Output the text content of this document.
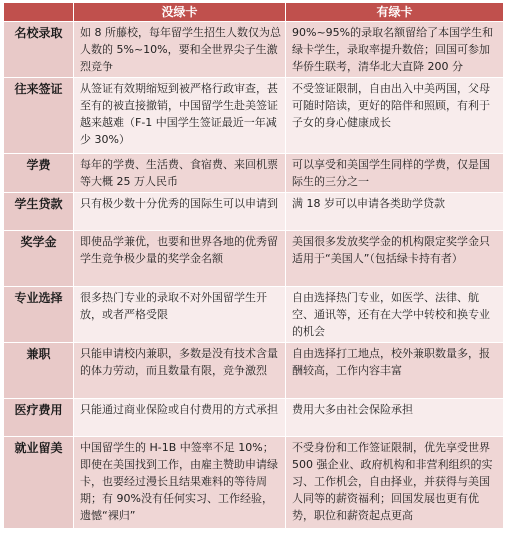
	没绿卡	有绿卡
名校录取	如 8 所藤校，每年留学生招生人数仅为总人数的 5%~10%，要和全世界尖子生激烈竞争	90%~95%的录取名额留给了本国学生和绿卡学生，录取率提升数倍；回国可参加华侨生联考，清华北大直降 200 分
往来签证	从签证有效期缩短到被严格行政审查，甚至有的被直接撤销，中国留学生赴美签证越来越难（F-1 中国学生签证最近一年减少 30%）	不受签证限制，自由出入中美两国，父母可随时陪读，更好的陪伴和照顾，有利于子女的身心健康成长
学费	每年的学费、生活费、食宿费、来回机票等大概 25 万人民币	可以享受和美国学生同样的学费，仅是国际生的三分之一
学生贷款	只有极少数十分优秀的国际生可以申请到	满 18 岁可以申请各类助学贷款
奖学金	即使品学兼优，也要和世界各地的优秀留学生竞争极少量的奖学金名额	美国很多发放奖学金的机构限定奖学金只适用于“美国人”（包括绿卡持有者）
专业选择	很多热门专业的录取不对外国留学生开放，或者严格受限	自由选择热门专业，如医学、法律、航空、通讯等，还有在大学中转校和换专业的机会
兼职	只能申请校内兼职，多数是没有技术含量的体力劳动，而且数量有限，竞争激烈	自由选择打工地点，校外兼职数量多，报酬较高，工作内容丰富
医疗费用	只能通过商业保险或自付费用的方式承担	费用大多由社会保险承担
就业留美	中国留学生的 H-1B 中签率不足 10%；即使在美国找到工作，由雇主赞助申请绿卡，也要经过漫长且结果难料的等待周期；有 90%没有任何实习、工作经验，遗憾“裸归”	不受身份和工作签证限制，优先享受世界 500 强企业、政府机构和非营利组织的实习、工作机会，自由择业，并获得与美国人同等的薪资福利；回国发展也更有优势，职位和薪资起点更高
